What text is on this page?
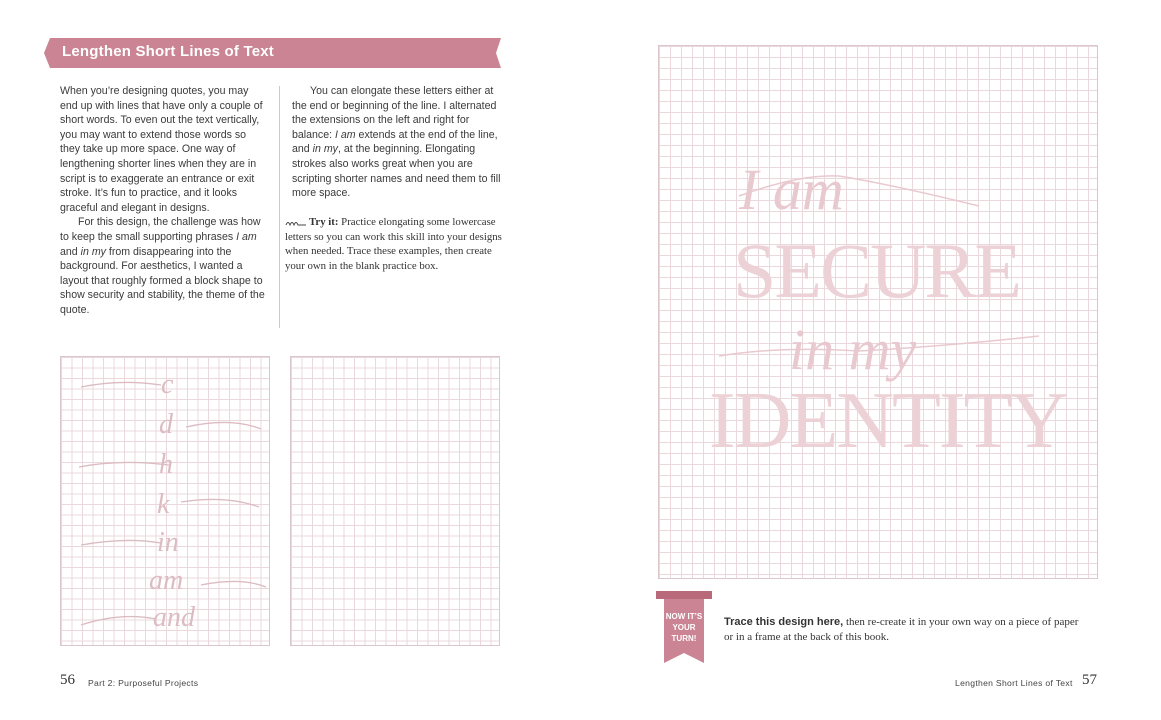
Lengthen Short Lines of Text

When you’re designing quotes, you may end up with lines that have only a couple of short words. To even out the text vertically, you may want to extend those words so they take up more space. One way of lengthening shorter lines when they are in script is to exaggerate an entrance or exit stroke. It’s fun to practice, and it looks graceful and elegant in designs.

For this design, the challenge was how to keep the small supporting phrases I am and in my from disappearing into the background. For aesthetics, I wanted a layout that roughly formed a block shape to show security and stability, the theme of the quote.

You can elongate these letters either at the end or beginning of the line. I alternated the extensions on the left and right for balance: I am extends at the end of the line, and in my, at the beginning. Elongating strokes also works great when you are scripting shorter names and need them to fill more space.

Try it: Practice elongating some lowercase letters so you can work this skill into your designs when needed. Trace these examples, then create your own in the blank practice box.
c
d
h
k
in
am
and
56 Part 2: Purposeful Projects
I am
SECURE
in my
IDENTITY
NOW IT’S
YOUR
TURN!
Trace this design here, then re-create it in your own way on a piece of paper or in a frame at the back of this book.
Lengthen Short Lines of Text 57
